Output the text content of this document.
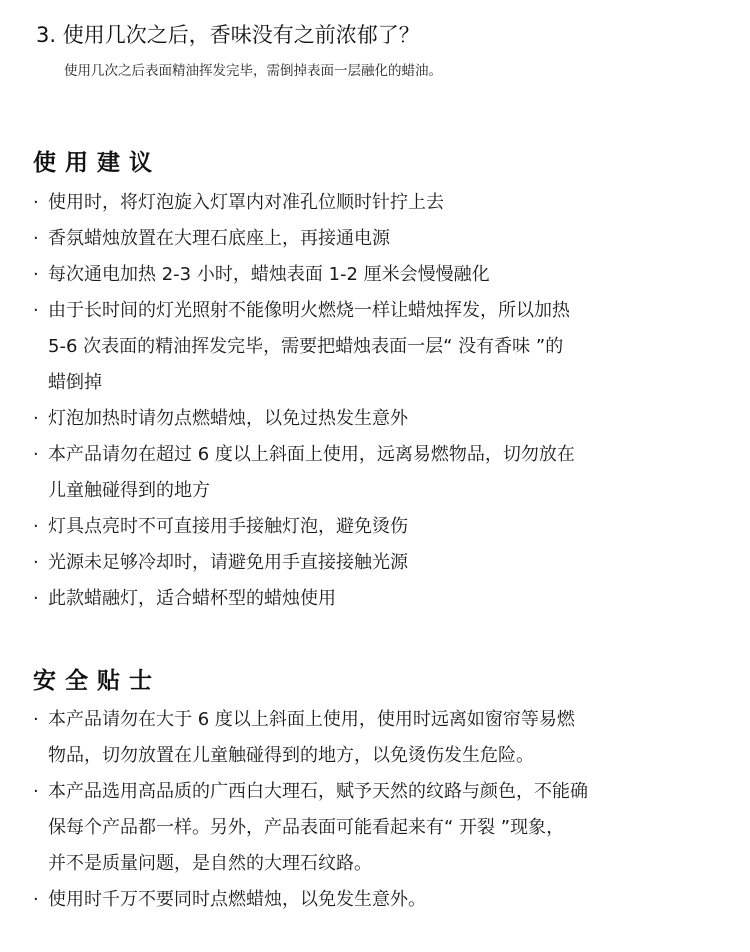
3. 使用几次之后，香味没有之前浓郁了？
使用几次之后表面精油挥发完毕，需倒掉表面一层融化的蜡油。
使用建议
· 使用时，将灯泡旋入灯罩内对准孔位顺时针拧上去
· 香氛蜡烛放置在大理石底座上，再接通电源
· 每次通电加热 2-3 小时，蜡烛表面 1-2 厘米会慢慢融化
· 由于长时间的灯光照射不能像明火燃烧一样让蜡烛挥发，所以加热
5-6 次表面的精油挥发完毕，需要把蜡烛表面一层“ 没有香味 ”的
蜡倒掉
· 灯泡加热时请勿点燃蜡烛，以免过热发生意外
· 本产品请勿在超过 6 度以上斜面上使用，远离易燃物品，切勿放在
儿童触碰得到的地方
· 灯具点亮时不可直接用手接触灯泡，避免烫伤
· 光源未足够冷却时，请避免用手直接接触光源
· 此款蜡融灯，适合蜡杯型的蜡烛使用
安全贴士
· 本产品请勿在大于 6 度以上斜面上使用，使用时远离如窗帘等易燃
物品，切勿放置在儿童触碰得到的地方，以免烫伤发生危险。
· 本产品选用高品质的广西白大理石，赋予天然的纹路与颜色，不能确
保每个产品都一样。另外，产品表面可能看起来有“ 开裂 ”现象，
并不是质量问题，是自然的大理石纹路。
· 使用时千万不要同时点燃蜡烛，以免发生意外。
